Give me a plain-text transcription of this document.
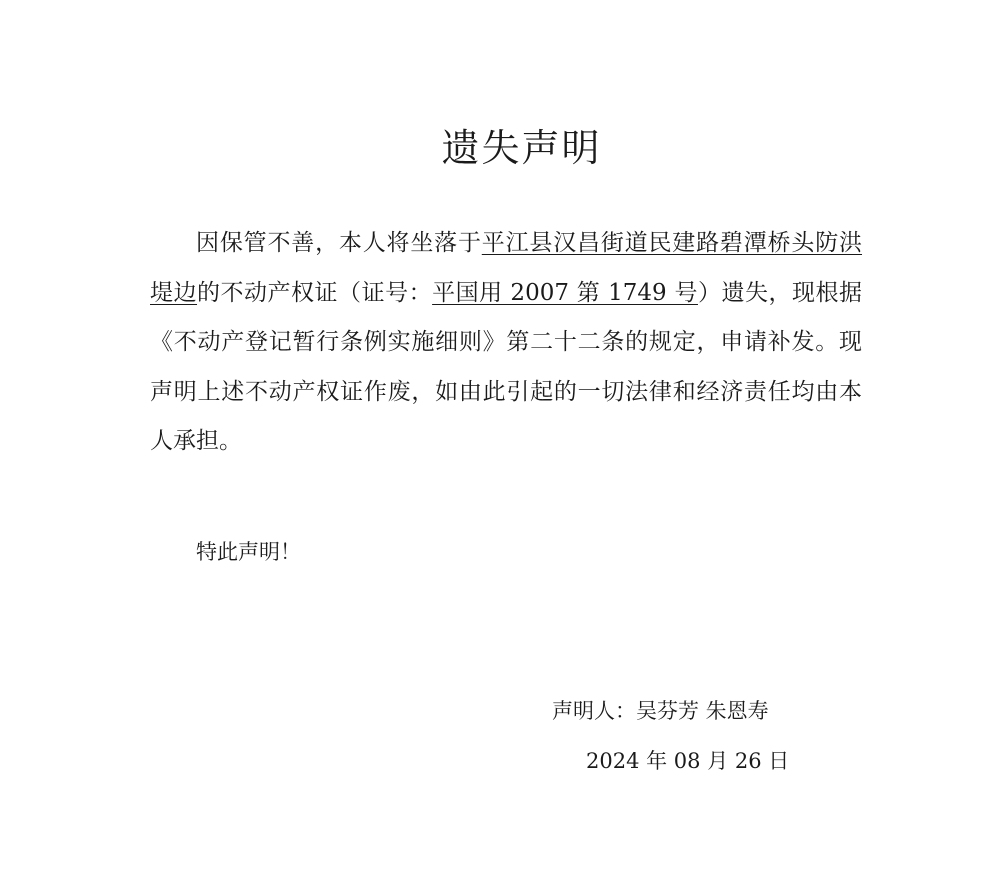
遗失声明

因保管不善，本人将坐落于平江县汉昌街道民建路碧潭桥头防洪堤边的不动产权证（证号：平国用 2007 第 1749 号）遗失，现根据《不动产登记暂行条例实施细则》第二十二条的规定，申请补发。现声明上述不动产权证作废，如由此引起的一切法律和经济责任均由本人承担。

特此声明！

声明人：吴芬芳 朱恩寿

2024 年 08 月 26 日
